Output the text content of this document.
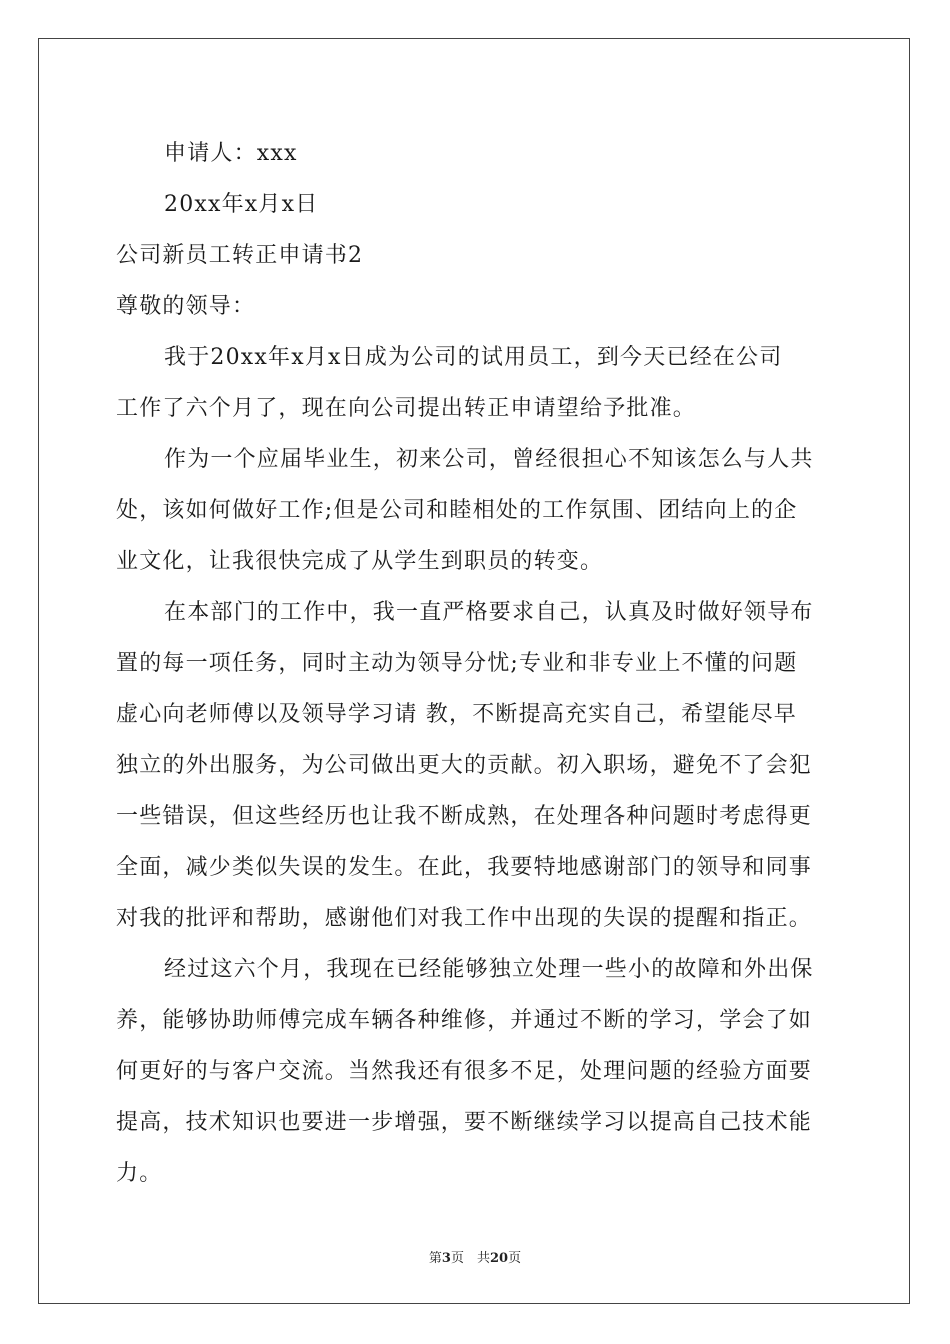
申请人：xxx
20xx年x月x日
公司新员工转正申请书2
尊敬的领导：
我于20xx年x月x日成为公司的试用员工，到今天已经在公司
工作了六个月了，现在向公司提出转正申请望给予批准。
作为一个应届毕业生，初来公司，曾经很担心不知该怎么与人共
处，该如何做好工作;但是公司和睦相处的工作氛围、团结向上的企
业文化，让我很快完成了从学生到职员的转变。
在本部门的工作中，我一直严格要求自己，认真及时做好领导布
置的每一项任务，同时主动为领导分忧;专业和非专业上不懂的问题
虚心向老师傅以及领导学习请 教，不断提高充实自己，希望能尽早
独立的外出服务，为公司做出更大的贡献。初入职场，避免不了会犯
一些错误，但这些经历也让我不断成熟，在处理各种问题时考虑得更
全面，减少类似失误的发生。在此，我要特地感谢部门的领导和同事
对我的批评和帮助，感谢他们对我工作中出现的失误的提醒和指正。
经过这六个月，我现在已经能够独立处理一些小的故障和外出保
养，能够协助师傅完成车辆各种维修，并通过不断的学习，学会了如
何更好的与客户交流。当然我还有很多不足，处理问题的经验方面要
提高，技术知识也要进一步增强，要不断继续学习以提高自己技术能
力。
第3页　共20页
